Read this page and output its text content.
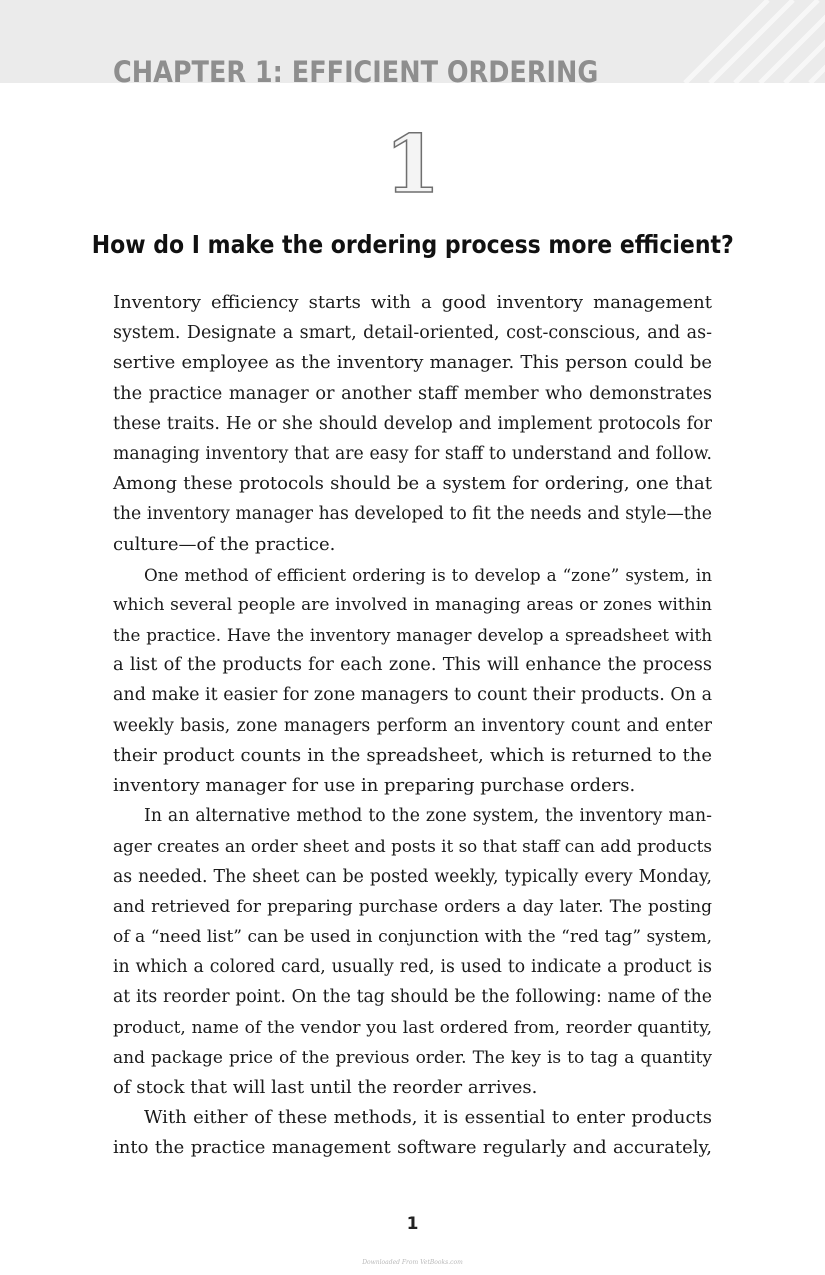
CHAPTER 1: EFFICIENT ORDERING
1
How do I make the ordering process more efficient?
Inventory efficiency starts with a good inventory management
system. Designate a smart, detail-oriented, cost-conscious, and as-
sertive employee as the inventory manager. This person could be
the practice manager or another staff member who demonstrates
these traits. He or she should develop and implement protocols for
managing inventory that are easy for staff to understand and follow.
Among these protocols should be a system for ordering, one that
the inventory manager has developed to fit the needs and style—the
culture—of the practice.
One method of efficient ordering is to develop a “zone” system, in
which several people are involved in managing areas or zones within
the practice. Have the inventory manager develop a spreadsheet with
a list of the products for each zone. This will enhance the process
and make it easier for zone managers to count their products. On a
weekly basis, zone managers perform an inventory count and enter
their product counts in the spreadsheet, which is returned to the
inventory manager for use in preparing purchase orders.
In an alternative method to the zone system, the inventory man-
ager creates an order sheet and posts it so that staff can add products
as needed. The sheet can be posted weekly, typically every Monday,
and retrieved for preparing purchase orders a day later. The posting
of a “need list” can be used in conjunction with the “red tag” system,
in which a colored card, usually red, is used to indicate a product is
at its reorder point. On the tag should be the following: name of the
product, name of the vendor you last ordered from, reorder quantity,
and package price of the previous order. The key is to tag a quantity
of stock that will last until the reorder arrives.
With either of these methods, it is essential to enter products
into the practice management software regularly and accurately,
1
Downloaded From VetBooks.com
